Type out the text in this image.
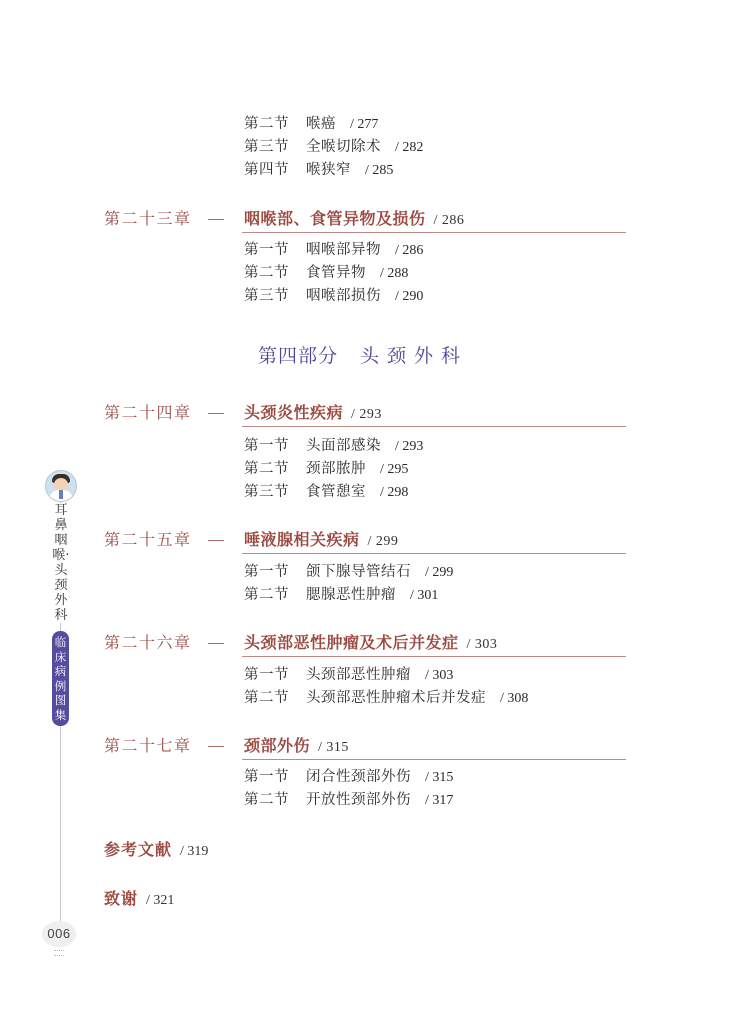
耳鼻咽喉·头颈外科
临床病例图集
006
第二节 喉癌 / 277
第三节 全喉切除术 / 282
第四节 喉狭窄 / 285
第二十三章	咽喉部、食管异物及损伤 / 286
第一节 咽喉部异物 / 286
第二节 食管异物 / 288
第三节 咽喉部损伤 / 290
第四部分 头颈外科
第二十四章	头颈炎性疾病 / 293
第一节 头面部感染 / 293
第二节 颈部脓肿 / 295
第三节 食管憩室 / 298
第二十五章	唾液腺相关疾病 / 299
第一节 颌下腺导管结石 / 299
第二节 腮腺恶性肿瘤 / 301
第二十六章	头颈部恶性肿瘤及术后并发症 / 303
第一节 头颈部恶性肿瘤 / 303
第二节 头颈部恶性肿瘤术后并发症 / 308
第二十七章	颈部外伤 / 315
第一节 闭合性颈部外伤 / 315
第二节 开放性颈部外伤 / 317
参考文献 / 319
致谢 / 321
